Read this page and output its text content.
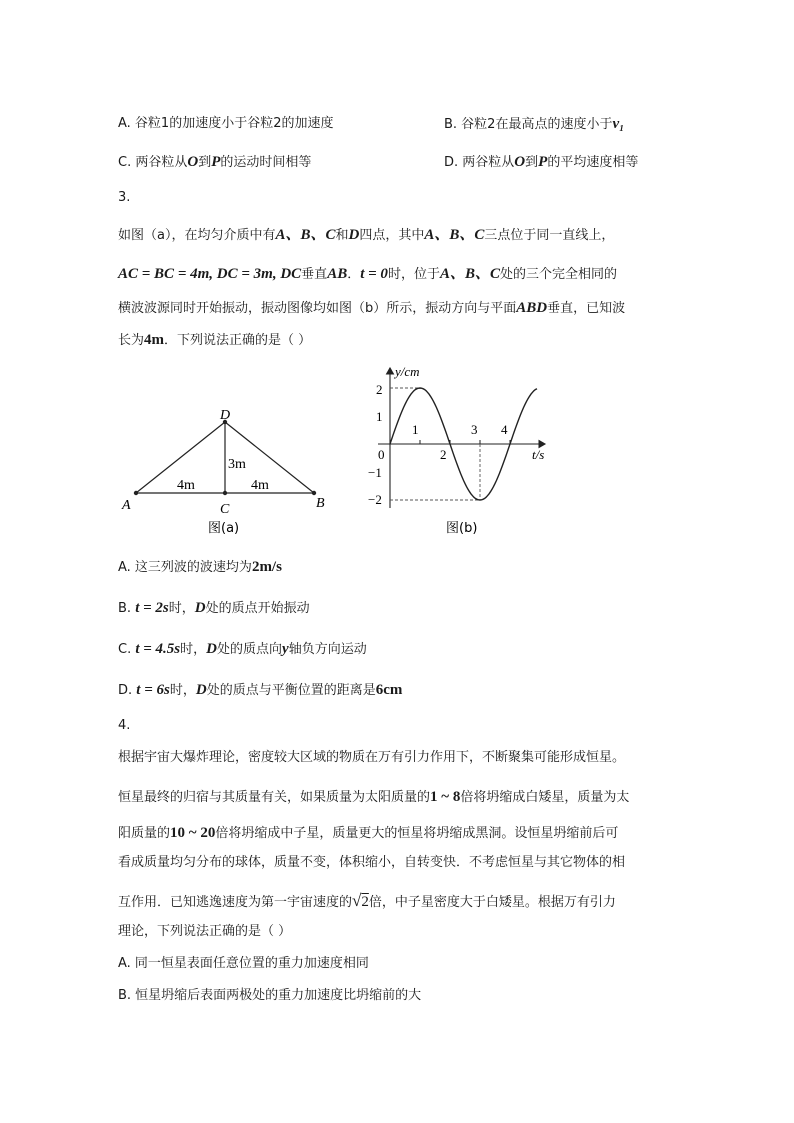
A. 谷粒1的加速度小于谷粒2的加速度	B. 谷粒2在最高点的速度小于v₁
C. 两谷粒从O到P的运动时间相等	D. 两谷粒从O到P的平均速度相等
3.
如图（a），在均匀介质中有A、B、C和D四点，其中A、B、C三点位于同一直线上，
AC = BC = 4m, DC = 3m, DC垂直AB．t = 0时，位于A、B、C处的三个完全相同的
横波波源同时开始振动，振动图像均如图（b）所示，振动方向与平面ABD垂直，已知波
长为4m．下列说法正确的是（ ）
D
A	B
C
3m
4m	4m
图(a)
y/cm
t/s
0
1
2
3 4
2
1
−1
−2
图(b)
A. 这三列波的波速均为2m/s
B. t = 2s时，D处的质点开始振动
C. t = 4.5s时，D处的质点向y轴负方向运动
D. t = 6s时，D处的质点与平衡位置的距离是6cm
4.
根据宇宙大爆炸理论，密度较大区域的物质在万有引力作用下，不断聚集可能形成恒星。
恒星最终的归宿与其质量有关，如果质量为太阳质量的1 ~ 8倍将坍缩成白矮星，质量为太
阳质量的10 ~ 20倍将坍缩成中子星，质量更大的恒星将坍缩成黑洞。设恒星坍缩前后可
看成质量均匀分布的球体，质量不变，体积缩小，自转变快．不考虑恒星与其它物体的相
互作用．已知逃逸速度为第一宇宙速度的√2倍，中子星密度大于白矮星。根据万有引力
理论，下列说法正确的是（ ）
A. 同一恒星表面任意位置的重力加速度相同
B. 恒星坍缩后表面两极处的重力加速度比坍缩前的大
